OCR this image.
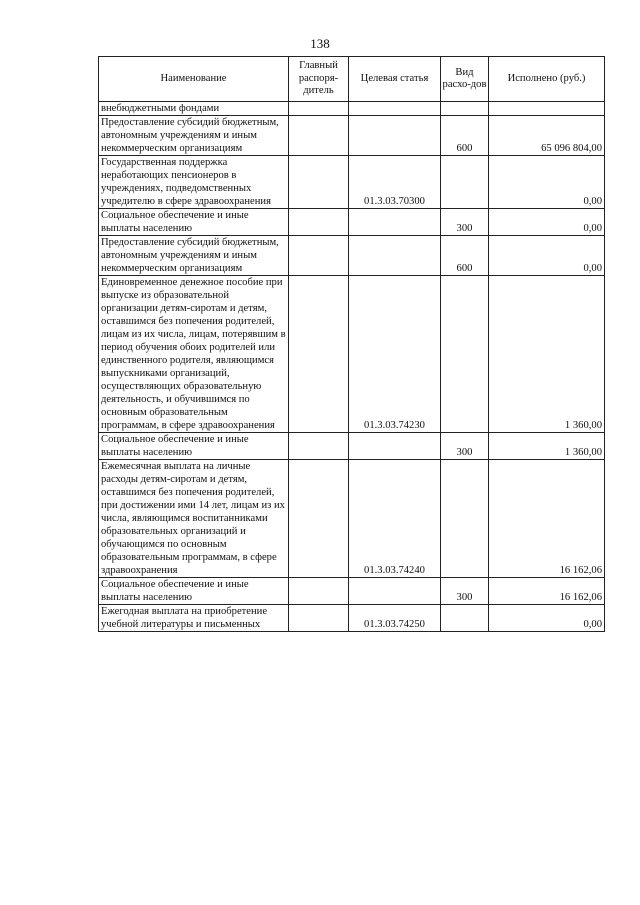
138
Наименование	Главный распоря-дитель	Целевая статья	Вид расхо-дов	Исполнено (руб.)
внебюджетными фондами				
Предоставление субсидий бюджетным, автономным учреждениям и иным некоммерческим организациям			600	65 096 804,00
Государственная поддержка неработающих пенсионеров в учреждениях, подведомственных учредителю в сфере здравоохранения		01.3.03.70300		0,00
Социальное обеспечение и иные выплаты населению			300	0,00
Предоставление субсидий бюджетным, автономным учреждениям и иным некоммерческим организациям			600	0,00
Единовременное денежное пособие при выпуске из образовательной организации детям-сиротам и детям, оставшимся без попечения родителей, лицам из их числа, лицам, потерявшим в период обучения обоих родителей или единственного родителя, являющимся выпускниками организаций, осуществляющих образовательную деятельность, и обучившимся по основным образовательным программам, в сфере здравоохранения		01.3.03.74230		1 360,00
Социальное обеспечение и иные выплаты населению			300	1 360,00
Ежемесячная выплата на личные расходы детям-сиротам и детям, оставшимся без попечения родителей, при достижении ими 14 лет, лицам из их числа, являющимся воспитанниками образовательных организаций и обучающимся по основным образовательным программам, в сфере здравоохранения		01.3.03.74240		16 162,06
Социальное обеспечение и иные выплаты населению			300	16 162,06
Ежегодная выплата на приобретение учебной литературы и письменных		01.3.03.74250		0,00
